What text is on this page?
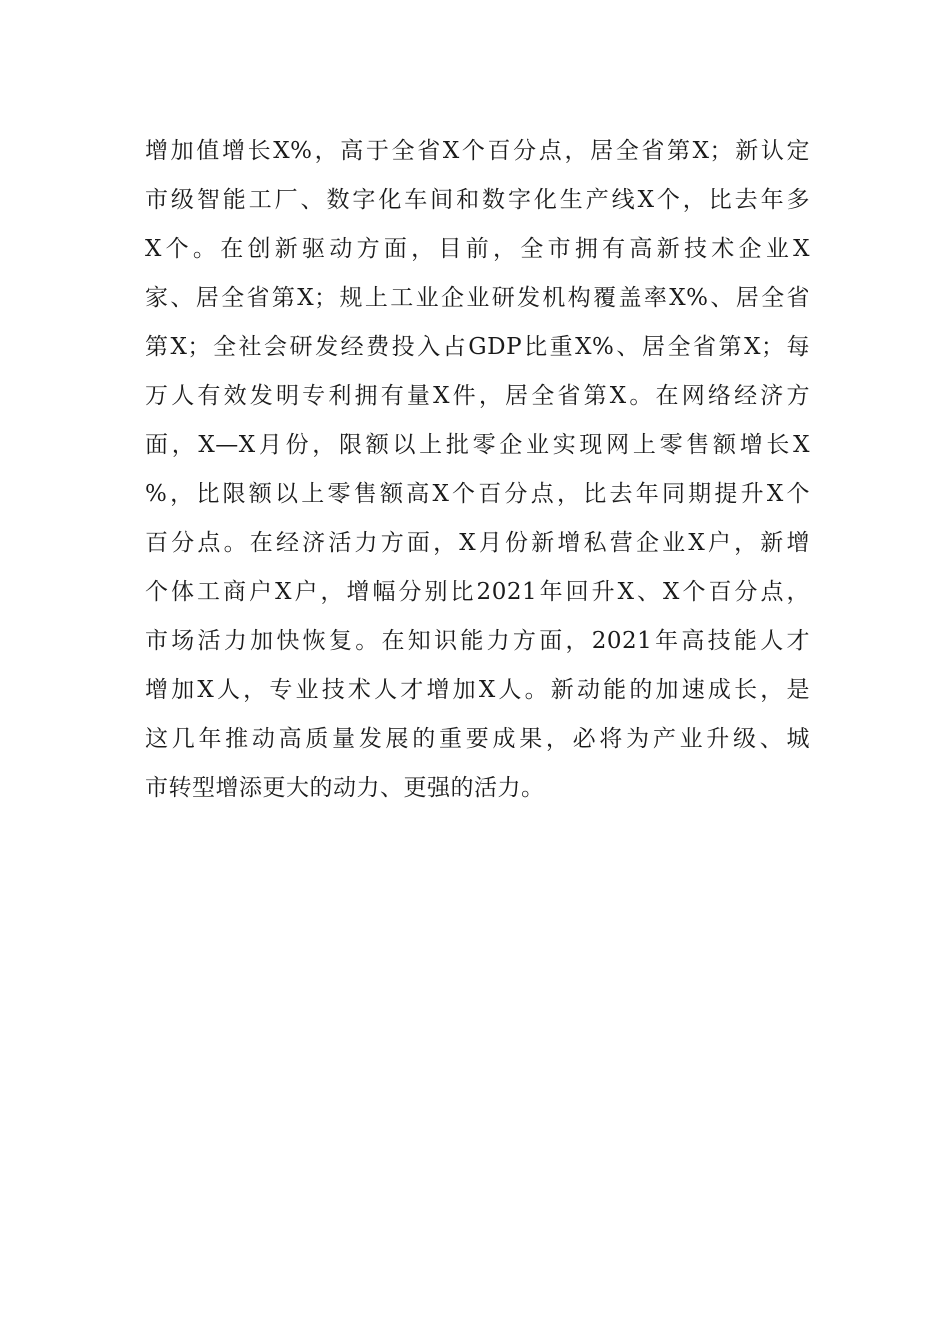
增加值增长X%，高于全省X个百分点，居全省第X；新认定
市级智能工厂、数字化车间和数字化生产线X个，比去年多
X个。在创新驱动方面，目前，全市拥有高新技术企业X
家、居全省第X；规上工业企业研发机构覆盖率X%、居全省
第X；全社会研发经费投入占GDP比重X%、居全省第X；每
万人有效发明专利拥有量X件，居全省第X。在网络经济方
面，X—X月份，限额以上批零企业实现网上零售额增长X
%，比限额以上零售额高X个百分点，比去年同期提升X个
百分点。在经济活力方面，X月份新增私营企业X户，新增
个体工商户X户，增幅分别比2021年回升X、X个百分点，
市场活力加快恢复。在知识能力方面，2021年高技能人才
增加X人，专业技术人才增加X人。新动能的加速成长，是
这几年推动高质量发展的重要成果，必将为产业升级、城
市转型增添更大的动力、更强的活力。
